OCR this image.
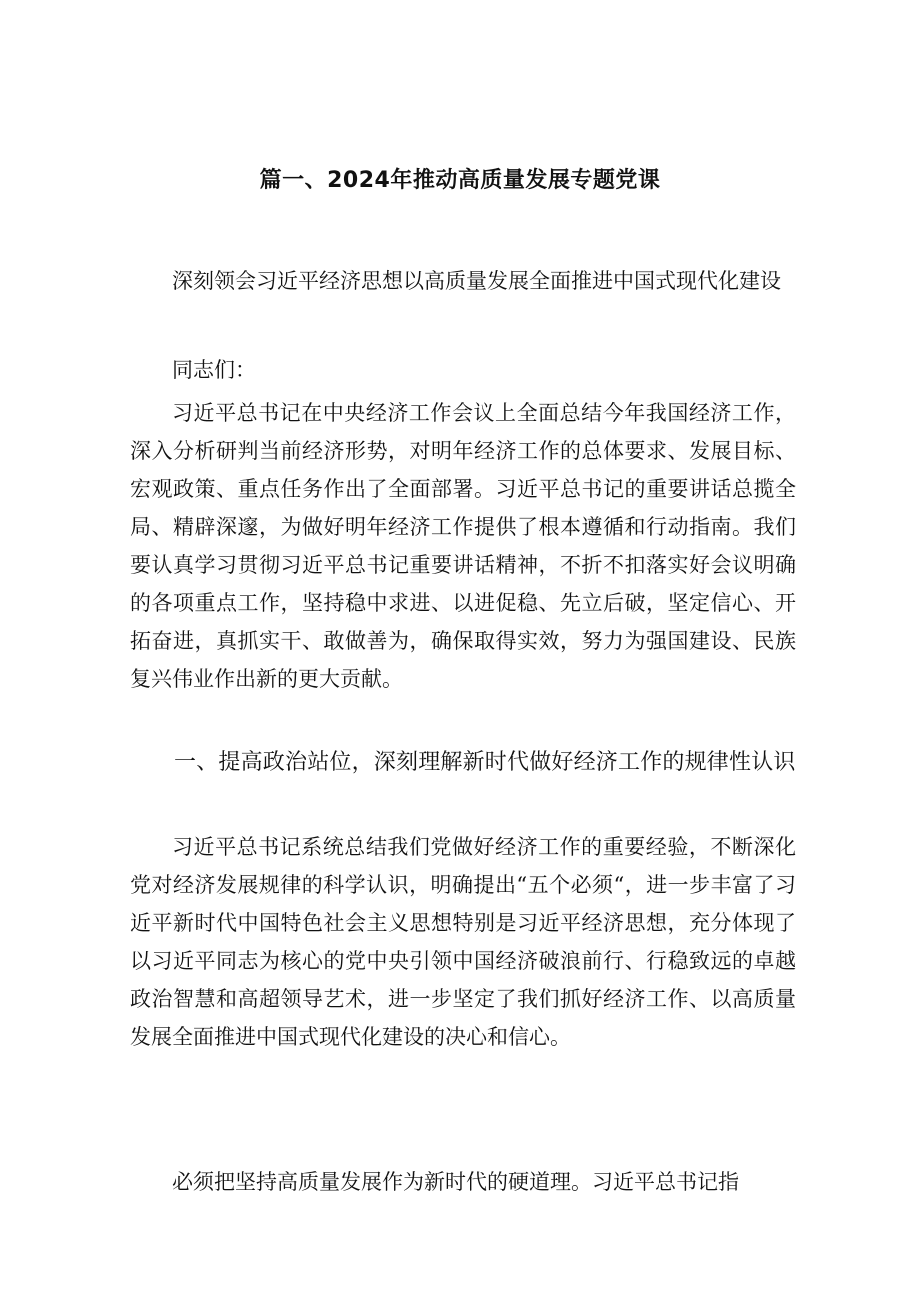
篇一、2024年推动高质量发展专题党课

深刻领会习近平经济思想以高质量发展全面推进中国式现代化建设

同志们：

习近平总书记在中央经济工作会议上全面总结今年我国经济工作，深入分析研判当前经济形势，对明年经济工作的总体要求、发展目标、宏观政策、重点任务作出了全面部署。习近平总书记的重要讲话总揽全局、精辟深邃，为做好明年经济工作提供了根本遵循和行动指南。我们要认真学习贯彻习近平总书记重要讲话精神，不折不扣落实好会议明确的各项重点工作，坚持稳中求进、以进促稳、先立后破，坚定信心、开拓奋进，真抓实干、敢做善为，确保取得实效，努力为强国建设、民族复兴伟业作出新的更大贡献。

一、提高政治站位，深刻理解新时代做好经济工作的规律性认识

习近平总书记系统总结我们党做好经济工作的重要经验，不断深化党对经济发展规律的科学认识，明确提出“五个必须“，进一步丰富了习近平新时代中国特色社会主义思想特别是习近平经济思想，充分体现了以习近平同志为核心的党中央引领中国经济破浪前行、行稳致远的卓越政治智慧和高超领导艺术，进一步坚定了我们抓好经济工作、以高质量发展全面推进中国式现代化建设的决心和信心。

必须把坚持高质量发展作为新时代的硬道理。习近平总书记指
